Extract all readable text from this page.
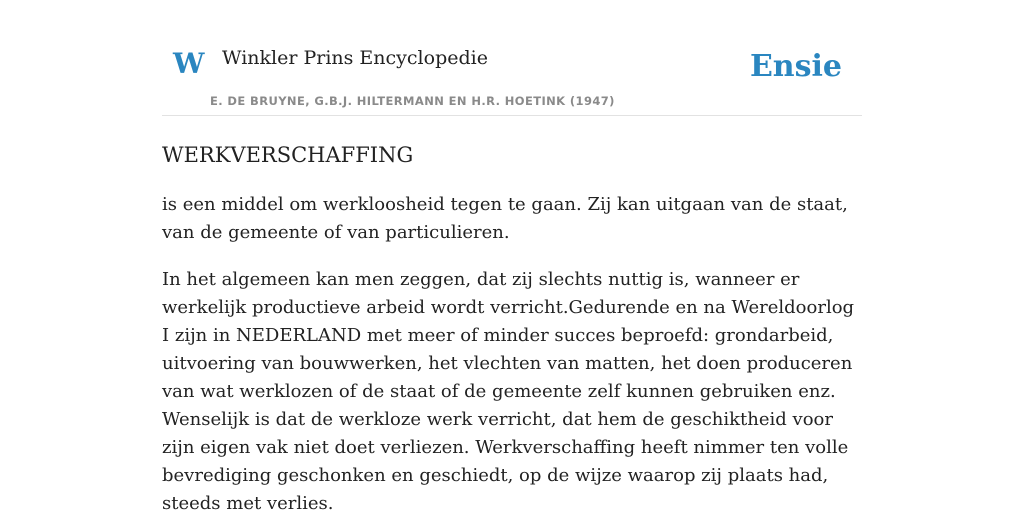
W Winkler Prins Encyclopedie	Ensie
E. DE BRUYNE, G.B.J. HILTERMANN EN H.R. HOETINK (1947)
WERKVERSCHAFFING

is een middel om werkloosheid tegen te gaan. Zij kan uitgaan van de staat, van de gemeente of van particulieren.

In het algemeen kan men zeggen, dat zij slechts nuttig is, wanneer er werkelijk productieve arbeid wordt verricht.Gedurende en na Wereldoorlog I zijn in NEDERLAND met meer of minder succes beproefd: grondarbeid, uitvoering van bouwwerken, het vlechten van matten, het doen produceren van wat werklozen of de staat of de gemeente zelf kunnen gebruiken enz. Wenselijk is dat de werkloze werk verricht, dat hem de geschiktheid voor zijn eigen vak niet doet verliezen. Werkverschaffing heeft nimmer ten volle bevrediging geschonken en geschiedt, op de wijze waarop zij plaats had, steeds met verlies.
